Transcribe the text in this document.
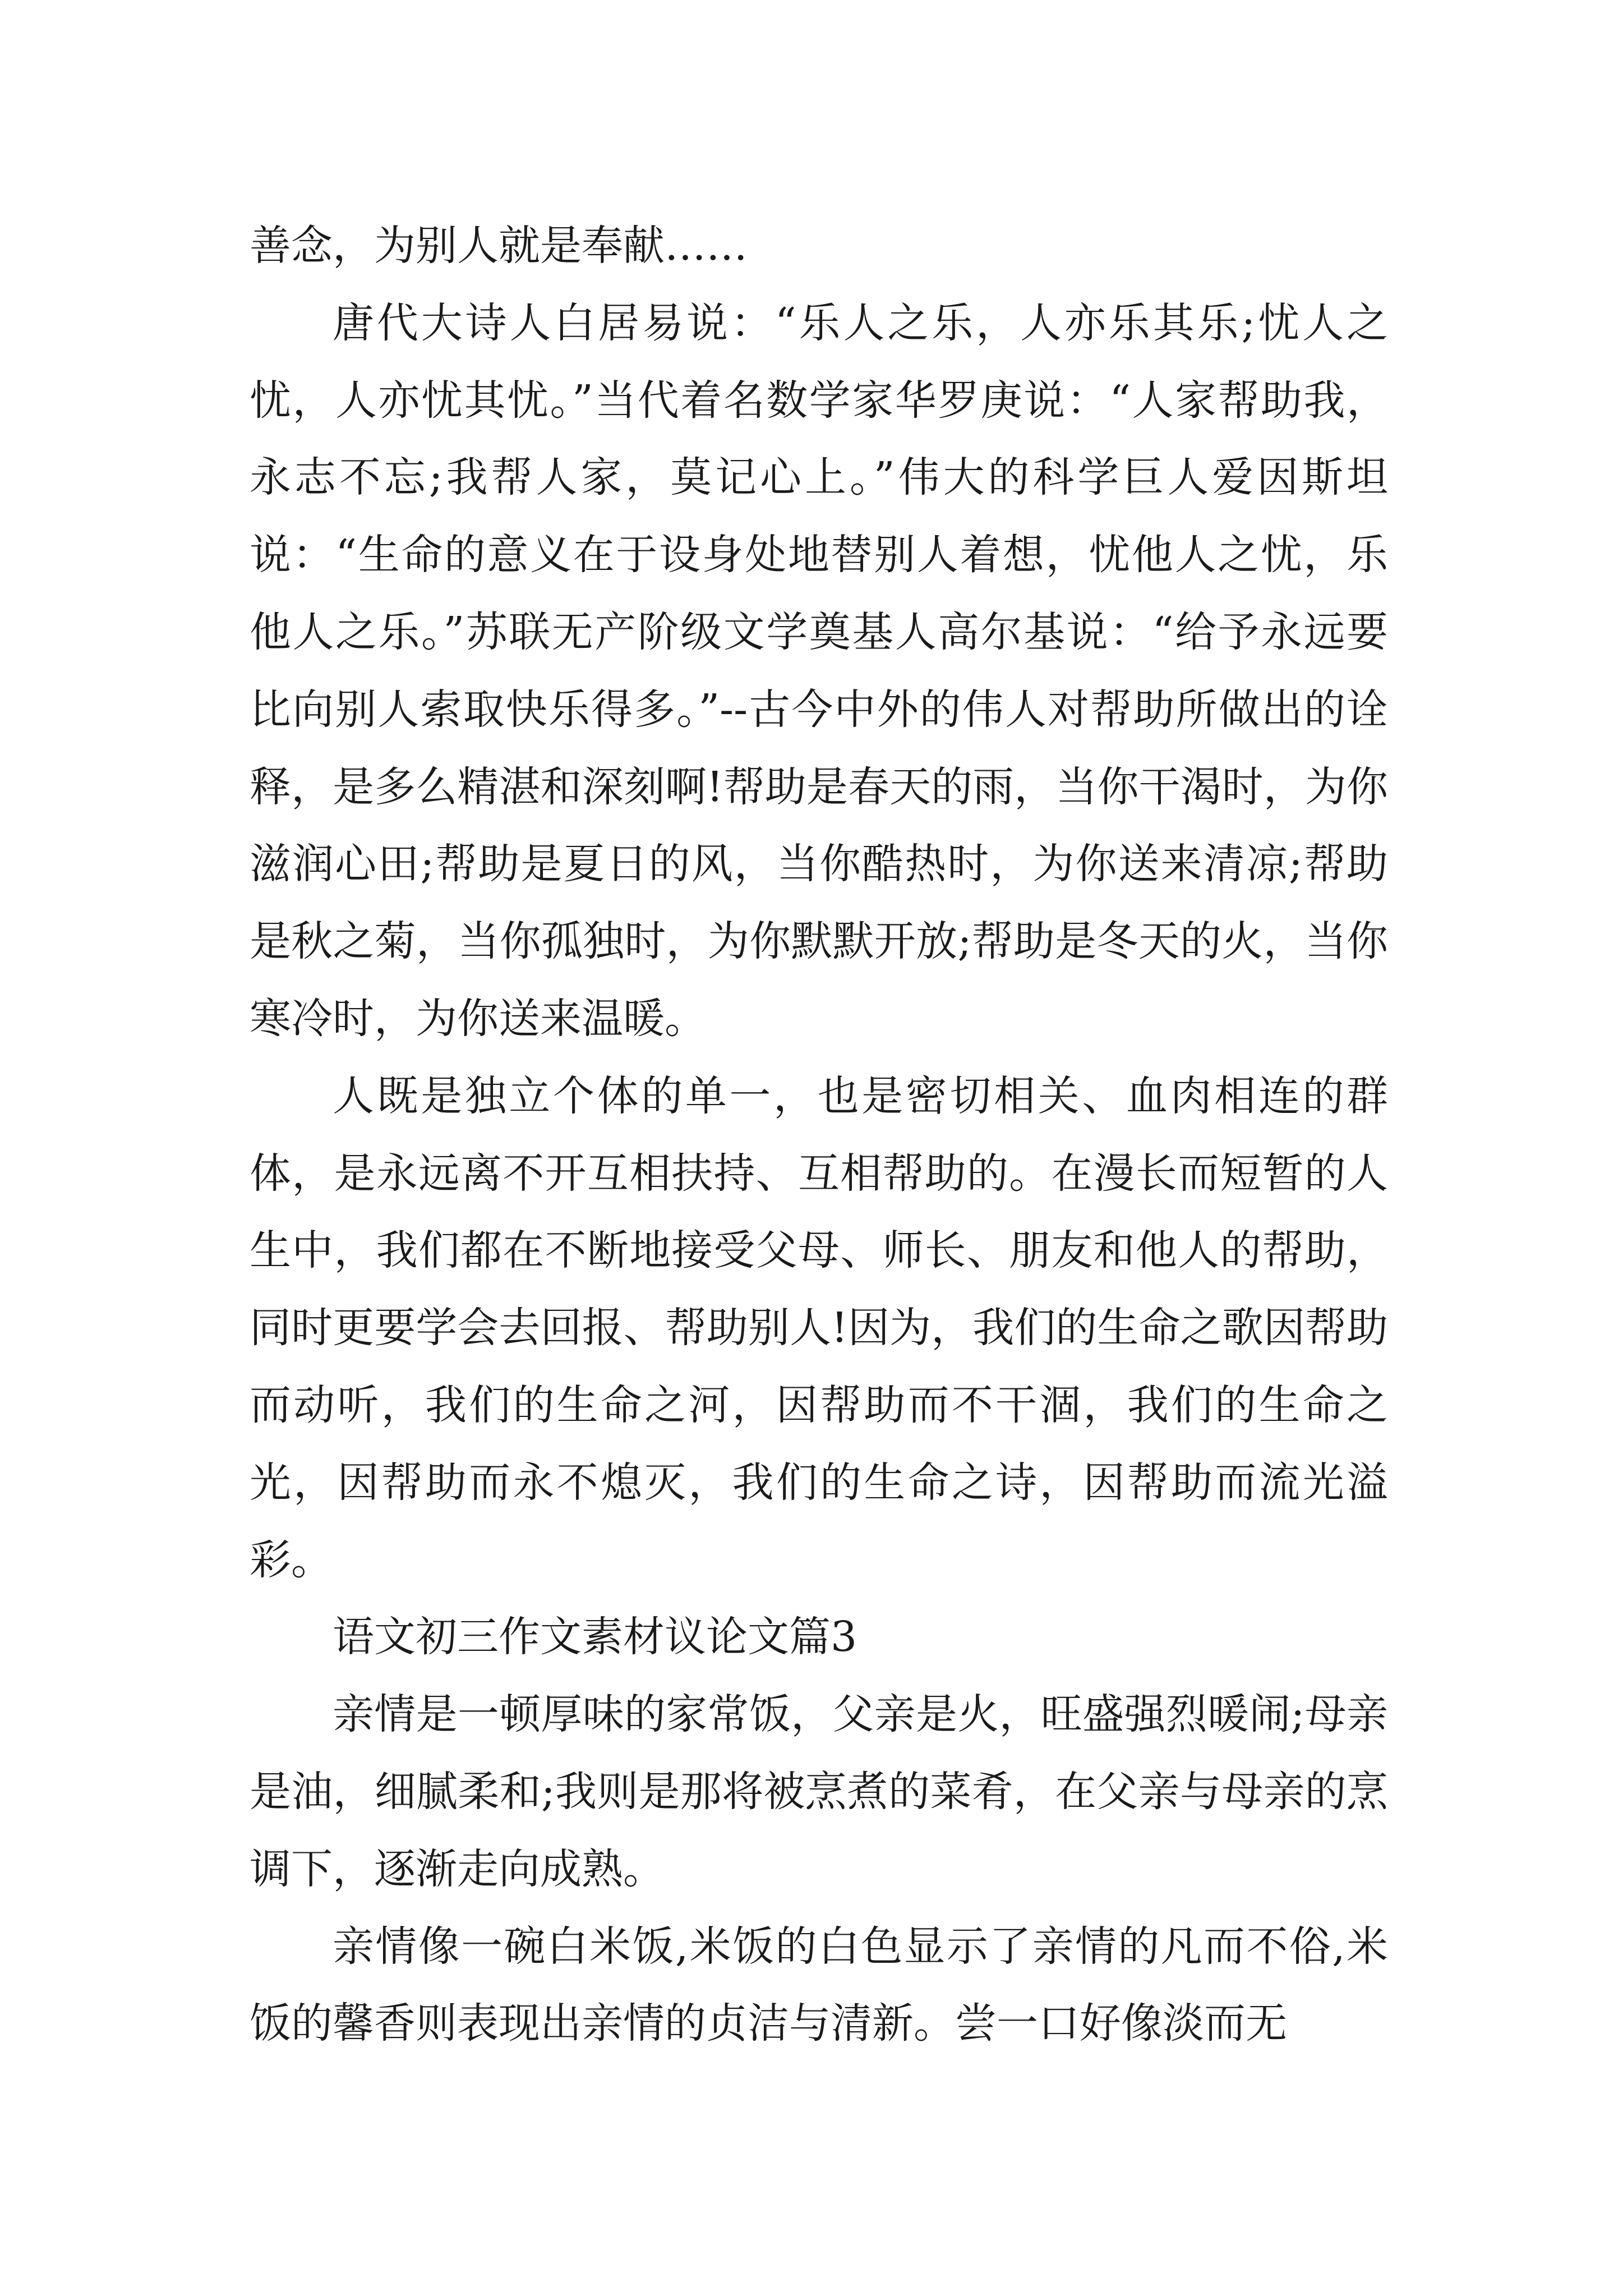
善念，为别人就是奉献……

唐代大诗人白居易说：“乐人之乐，人亦乐其乐;忧人之忧，人亦忧其忧。”当代着名数学家华罗庚说：“人家帮助我，永志不忘;我帮人家，莫记心上。”伟大的科学巨人爱因斯坦说：“生命的意义在于设身处地替别人着想，忧他人之忧，乐他人之乐。”苏联无产阶级文学奠基人高尔基说：“给予永远要比向别人索取快乐得多。”--古今中外的伟人对帮助所做出的诠释，是多么精湛和深刻啊!帮助是春天的雨，当你干渴时，为你滋润心田;帮助是夏日的风，当你酷热时，为你送来清凉;帮助是秋之菊，当你孤独时，为你默默开放;帮助是冬天的火，当你寒冷时，为你送来温暖。

人既是独立个体的单一，也是密切相关、血肉相连的群体，是永远离不开互相扶持、互相帮助的。在漫长而短暂的人生中，我们都在不断地接受父母、师长、朋友和他人的帮助，同时更要学会去回报、帮助别人!因为，我们的生命之歌因帮助而动听，我们的生命之河，因帮助而不干涸，我们的生命之光，因帮助而永不熄灭，我们的生命之诗，因帮助而流光溢彩。

语文初三作文素材议论文篇3

亲情是一顿厚味的家常饭，父亲是火，旺盛强烈暖闹;母亲是油，细腻柔和;我则是那将被烹煮的菜肴，在父亲与母亲的烹调下，逐渐走向成熟。

亲情像一碗白米饭,米饭的白色显示了亲情的凡而不俗,米饭的馨香则表现出亲情的贞洁与清新。尝一口好像淡而无
